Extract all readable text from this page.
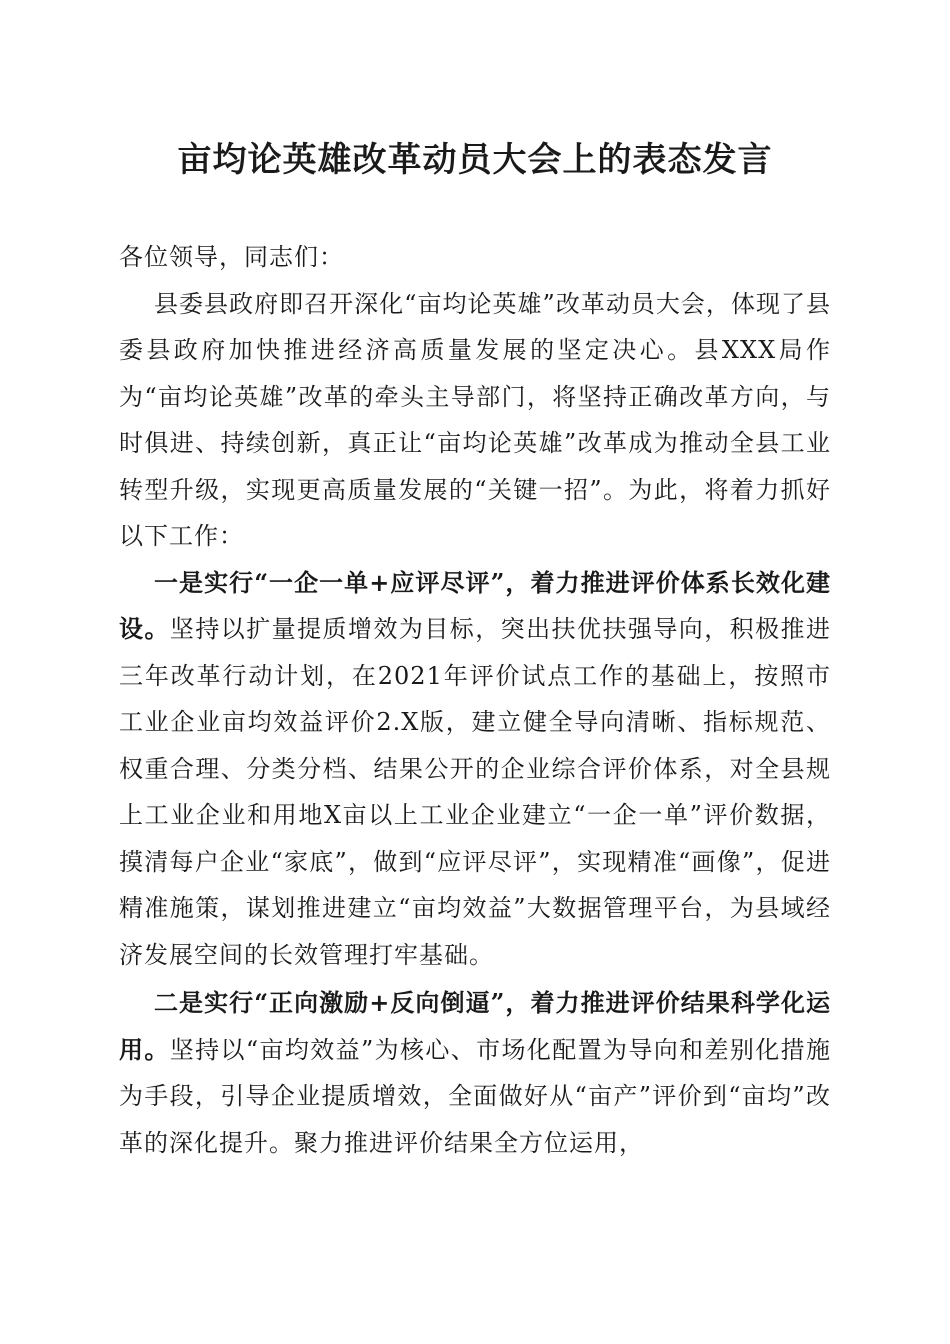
亩均论英雄改革动员大会上的表态发言

各位领导，同志们：

县委县政府即召开深化“亩均论英雄”改革动员大会，体现了县委县政府加快推进经济高质量发展的坚定决心。县XXX局作为“亩均论英雄”改革的牵头主导部门，将坚持正确改革方向，与时俱进、持续创新，真正让“亩均论英雄”改革成为推动全县工业转型升级，实现更高质量发展的“关键一招”。为此，将着力抓好以下工作：

一是实行“一企一单+应评尽评”，着力推进评价体系长效化建设。坚持以扩量提质增效为目标，突出扶优扶强导向，积极推进三年改革行动计划，在2021年评价试点工作的基础上，按照市工业企业亩均效益评价2.X版，建立健全导向清晰、指标规范、权重合理、分类分档、结果公开的企业综合评价体系，对全县规上工业企业和用地X亩以上工业企业建立“一企一单”评价数据，摸清每户企业“家底”，做到“应评尽评”，实现精准“画像”，促进精准施策，谋划推进建立“亩均效益”大数据管理平台，为县域经济发展空间的长效管理打牢基础。

二是实行“正向激励+反向倒逼”，着力推进评价结果科学化运用。坚持以“亩均效益”为核心、市场化配置为导向和差别化措施为手段，引导企业提质增效，全面做好从“亩产”评价到“亩均”改革的深化提升。聚力推进评价结果全方位运用，
